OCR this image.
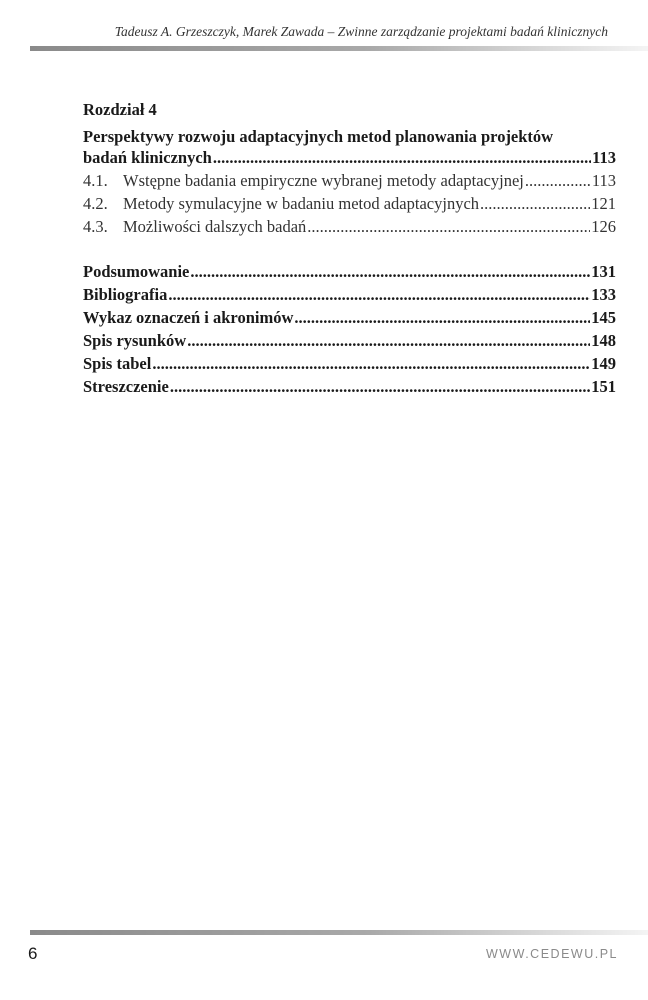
Tadeusz A. Grzeszczyk, Marek Zawada – Zwinne zarządzanie projektami badań klinicznych
Rozdział 4
Perspektywy rozwoju adaptacyjnych metod planowania projektów
badań klinicznych .....	113
4.1. Wstępne badania empiryczne wybranej metody adaptacyjnej .....	113
4.2. Metody symulacyjne w badaniu metod adaptacyjnych .....	121
4.3. Możliwości dalszych badań .....	126
Podsumowanie .....	131
Bibliografia .....	133
Wykaz oznaczeń i akronimów .....	145
Spis rysunków .....	148
Spis tabel .....	149
Streszczenie .....	151
6	WWW.CEDEWU.PL
